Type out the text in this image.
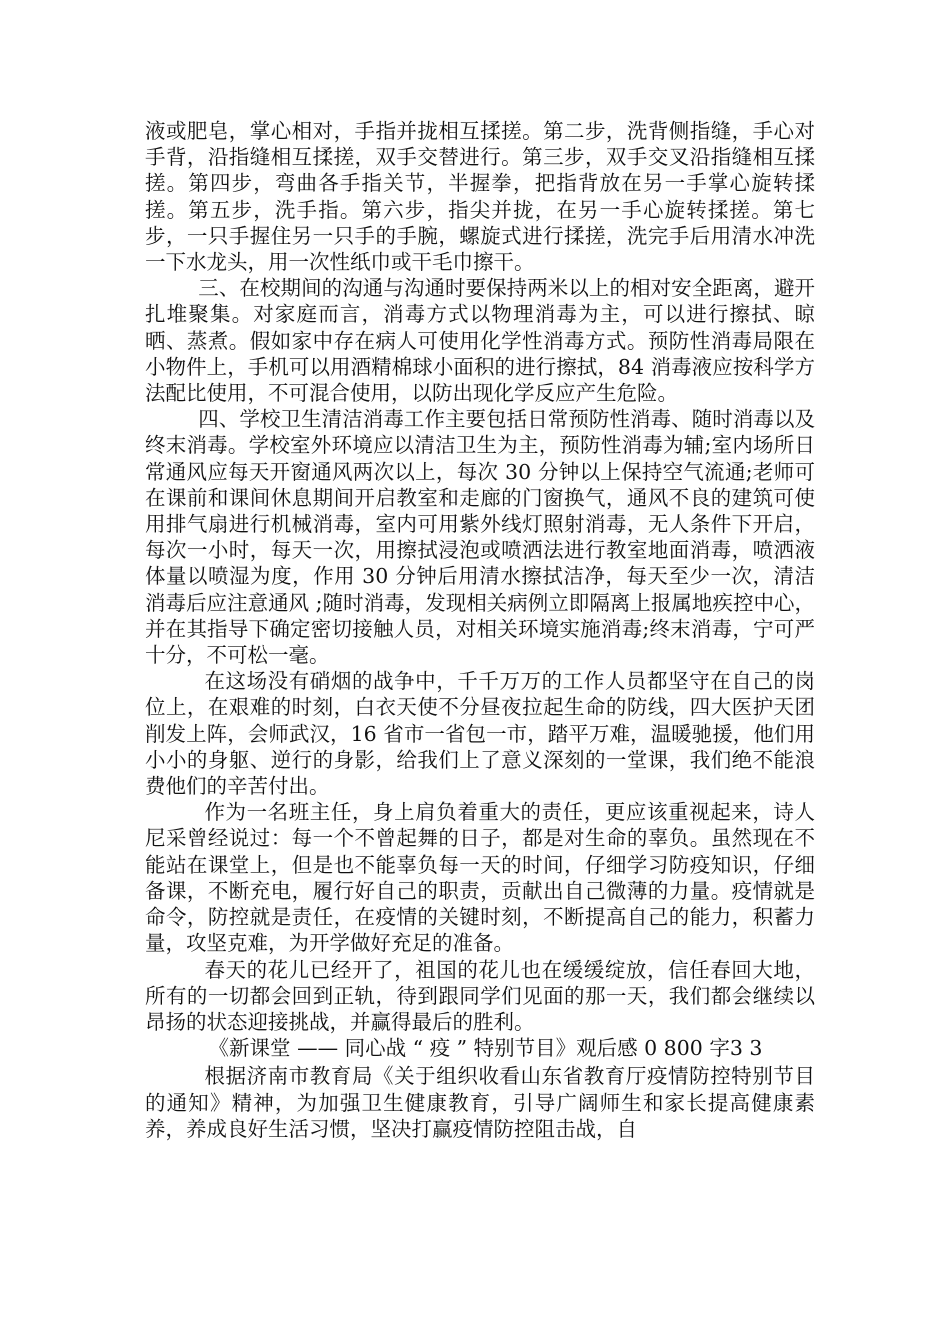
液或肥皂，掌心相对，手指并拢相互揉搓。第二步，洗背侧指缝，手心对手背，沿指缝相互揉搓，双手交替进行。第三步，双手交叉沿指缝相互揉搓。第四步，弯曲各手指关节，半握拳，把指背放在另一手掌心旋转揉搓。第五步，洗手指。第六步，指尖并拢，在另一手心旋转揉搓。第七步，一只手握住另一只手的手腕，螺旋式进行揉搓，洗完手后用清水冲洗一下水龙头，用一次性纸巾或干毛巾擦干。

三、在校期间的沟通与沟通时要保持两米以上的相对安全距离，避开扎堆聚集。对家庭而言，消毒方式以物理消毒为主，可以进行擦拭、晾晒、蒸煮。假如家中存在病人可使用化学性消毒方式。预防性消毒局限在小物件上，手机可以用酒精棉球小面积的进行擦拭，84 消毒液应按科学方法配比使用，不可混合使用，以防出现化学反应产生危险。

四、学校卫生清洁消毒工作主要包括日常预防性消毒、随时消毒以及终末消毒。学校室外环境应以清洁卫生为主，预防性消毒为辅;室内场所日常通风应每天开窗通风两次以上，每次 30 分钟以上保持空气流通;老师可在课前和课间休息期间开启教室和走廊的门窗换气，通风不良的建筑可使用排气扇进行机械消毒，室内可用紫外线灯照射消毒，无人条件下开启，每次一小时，每天一次，用擦拭浸泡或喷洒法进行教室地面消毒，喷洒液体量以喷湿为度，作用 30 分钟后用清水擦拭洁净，每天至少一次，清洁消毒后应注意通风 ;随时消毒，发现相关病例立即隔离上报属地疾控中心，并在其指导下确定密切接触人员，对相关环境实施消毒;终末消毒，宁可严十分，不可松一毫。

在这场没有硝烟的战争中，千千万万的工作人员都坚守在自己的岗位上，在艰难的时刻，白衣天使不分昼夜拉起生命的防线，四大医护天团削发上阵，会师武汉，16 省市一省包一市，踏平万难，温暖驰援，他们用小小的身躯、逆行的身影，给我们上了意义深刻的一堂课，我们绝不能浪费他们的辛苦付出。

作为一名班主任，身上肩负着重大的责任，更应该重视起来，诗人尼采曾经说过：每一个不曾起舞的日子，都是对生命的辜负。虽然现在不能站在课堂上，但是也不能辜负每一天的时间，仔细学习防疫知识，仔细备课，不断充电，履行好自己的职责，贡献出自己微薄的力量。疫情就是命令，防控就是责任，在疫情的关键时刻，不断提高自己的能力，积蓄力量，攻坚克难，为开学做好充足的准备。

春天的花儿已经开了，祖国的花儿也在缓缓绽放，信任春回大地，所有的一切都会回到正轨，待到跟同学们见面的那一天，我们都会继续以昂扬的状态迎接挑战，并赢得最后的胜利。

《新课堂 —— 同心战 “ 疫 ” 特别节目》观后感 0 800 字3 3

根据济南市教育局《关于组织收看山东省教育厅疫情防控特别节目的通知》精神，为加强卫生健康教育，引导广阔师生和家长提高健康素养，养成良好生活习惯，坚决打赢疫情防控阻击战，自
